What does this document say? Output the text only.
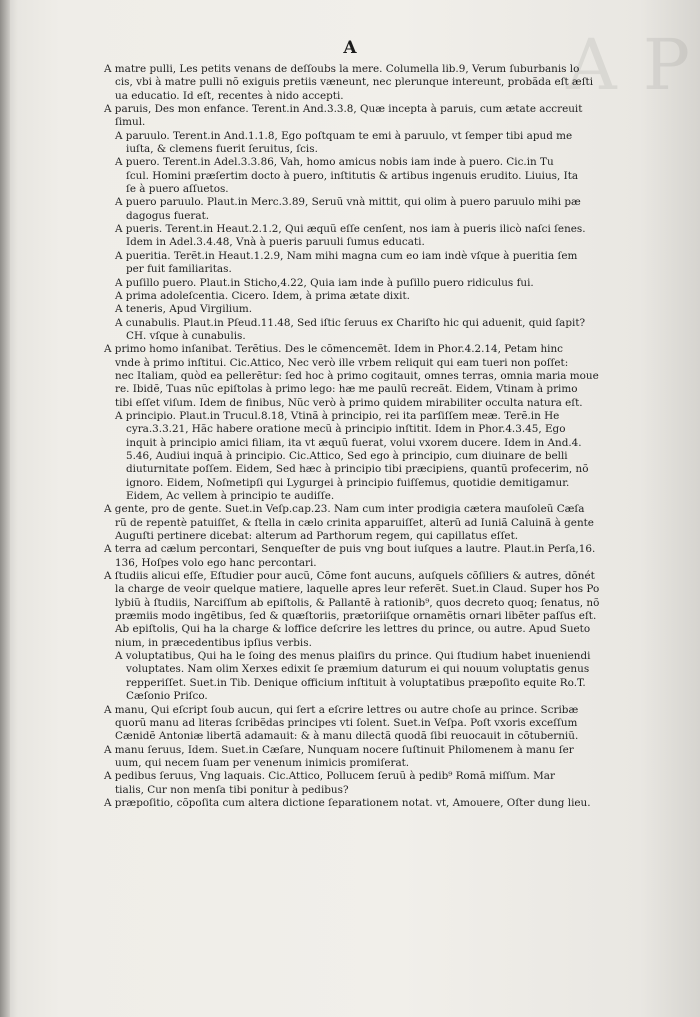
A P
A

A matre pulli, Les petits venans de deſſoubs la mere. Columella lib.9, Verum ſuburbanis lo

cis, vbi à matre pulli nõ exiguis pretiis væneunt, nec plerunque intereunt, probãda eſt æſti

ua educatio. Id eſt, recentes à nido accepti.

A paruis, Des mon enfance. Terent.in And.3.3.8, Quæ incepta à paruis, cum ætate accreuit

ſimul.

A paruulo. Terent.in And.1.1.8, Ego poſtquam te emi à paruulo, vt ſemper tibi apud me

iuſta, & clemens fuerit ſeruitus, ſcis.

A puero. Terent.in Adel.3.3.86, Vah, homo amicus nobis iam inde à puero. Cic.in Tu

ſcul. Homini præſertim docto à puero, inſtitutis & artibus ingenuis erudito. Liuius, Ita

ſe à puero aſſuetos.

A puero paruulo. Plaut.in Merc.3.89, Seruũ vnà mittit, qui olim à puero paruulo mihi pæ

dagogus fuerat.

A pueris. Terent.in Heaut.2.1.2, Qui æquũ eſſe cenſent, nos iam à pueris ilicò naſci ſenes.

Idem in Adel.3.4.48, Vnà à pueris paruuli ſumus educati.

A pueritia. Terẽt.in Heaut.1.2.9, Nam mihi magna cum eo iam indè vſque à pueritia ſem

per fuit familiaritas.

A puſillo puero. Plaut.in Sticho,4.22, Quia iam inde à puſillo puero ridiculus fui.

A prima adoleſcentia. Cicero. Idem, à prima ætate dixit.

A teneris, Apud Virgilium.

A cunabulis. Plaut.in Pſeud.11.48, Sed iſtic ſeruus ex Chariſto hic qui aduenit, quid ſapit?

CH. vſque à cunabulis.

A primo homo inſanibat. Terẽtius. Des le cõmencemẽt. Idem in Phor.4.2.14, Petam hinc

vnde à primo inſtitui. Cic.Attico, Nec verò ille vrbem reliquit qui eam tueri non poſſet:

nec Italiam, quòd ea pellerẽtur: ſed hoc à primo cogitauit, omnes terras, omnia maria moue

re. Ibidẽ, Tuas nũc epiſtolas à primo lego: hæ me paulũ recreãt. Eidem, Vtinam à primo

tibi eſſet viſum. Idem de finibus, Nũc verò à primo quidem mirabiliter occulta natura eſt.

A principio. Plaut.in Trucul.8.18, Vtinã à principio, rei ita parſiſſem meæ. Terẽ.in He

cyra.3.3.21, Hãc habere oratione mecũ à principio inſtitit. Idem in Phor.4.3.45, Ego

inquit à principio amici filiam, ita vt æquũ fuerat, volui vxorem ducere. Idem in And.4.

5.46, Audiui inquã à principio. Cic.Attico, Sed ego à principio, cum diuinare de belli

diuturnitate poſſem. Eidem, Sed hæc à principio tibi præcipiens, quantũ profecerim, nõ

ignoro. Eidem, Noſmetipſi qui Lygurgei à principio fuiſſemus, quotidie demitigamur.

Eidem, Ac vellem à principio te audiſſe.

A gente, pro de gente. Suet.in Veſp.cap.23. Nam cum inter prodigia cætera mauſoleũ Cæſa

rũ de repentè patuiſſet, & ſtella in cælo crinita apparuiſſet, alterũ ad Iuniã Caluinã à gente

Auguſti pertinere dicebat: alterum ad Parthorum regem, qui capillatus eſſet.

A terra ad cælum percontari, Senqueſter de puis vng bout iuſques a lautre. Plaut.in Perſa,16.

136, Hoſpes volo ego hanc percontari.

A ſtudiis alicui eſſe, Eſtudier pour aucũ, Cõme font aucuns, auſquels cõſiliers & autres, dõnét

la charge de veoir quelque matiere, laquelle apres leur referẽt. Suet.in Claud. Super hos Po

lybiũ à ſtudiis, Narciſſum ab epiſtolis, & Pallantẽ à rationib⁹, quos decreto quoq; ſenatus, nõ

præmiis modo ingẽtibus, ſed & quæſtoriis, prætoriiſque ornamẽtis ornari libẽter paſſus eſt.

Ab epiſtolis, Qui ha la charge & loffice deſcrire les lettres du prince, ou autre. Apud Sueto

nium, in præcedentibus ipſius verbis.

A voluptatibus, Qui ha le ſoing des menus plaiſirs du prince. Qui ſtudium habet inueniendi

voluptates. Nam olim Xerxes edixit ſe præmium daturum ei qui nouum voluptatis genus

repperiſſet. Suet.in Tib. Denique officium inſtituit à voluptatibus præpoſito equite Ro.T.

Cæſonio Priſco.

A manu, Qui eſcript ſoub aucun, qui ſert a eſcrire lettres ou autre choſe au prince. Scribæ

quorũ manu ad literas ſcribẽdas principes vti ſolent. Suet.in Veſpa. Poſt vxoris exceſſum

Cænidẽ Antoniæ libertã adamauit: & à manu dilectã quodã ſibi reuocauit in cõtuberniũ.

A manu ſeruus, Idem. Suet.in Cæſare, Nunquam nocere ſuſtinuit Philomenem à manu ſer

uum, qui necem ſuam per venenum inimicis promiſerat.

A pedibus ſeruus, Vng laquais. Cic.Attico, Pollucem ſeruũ à pedib⁹ Romã miſſum. Mar

tialis, Cur non menſa tibi ponitur à pedibus?

A præpoſitio, cõpoſita cum altera dictione ſeparationem notat. vt, Amouere, Oſter dung lieu.
